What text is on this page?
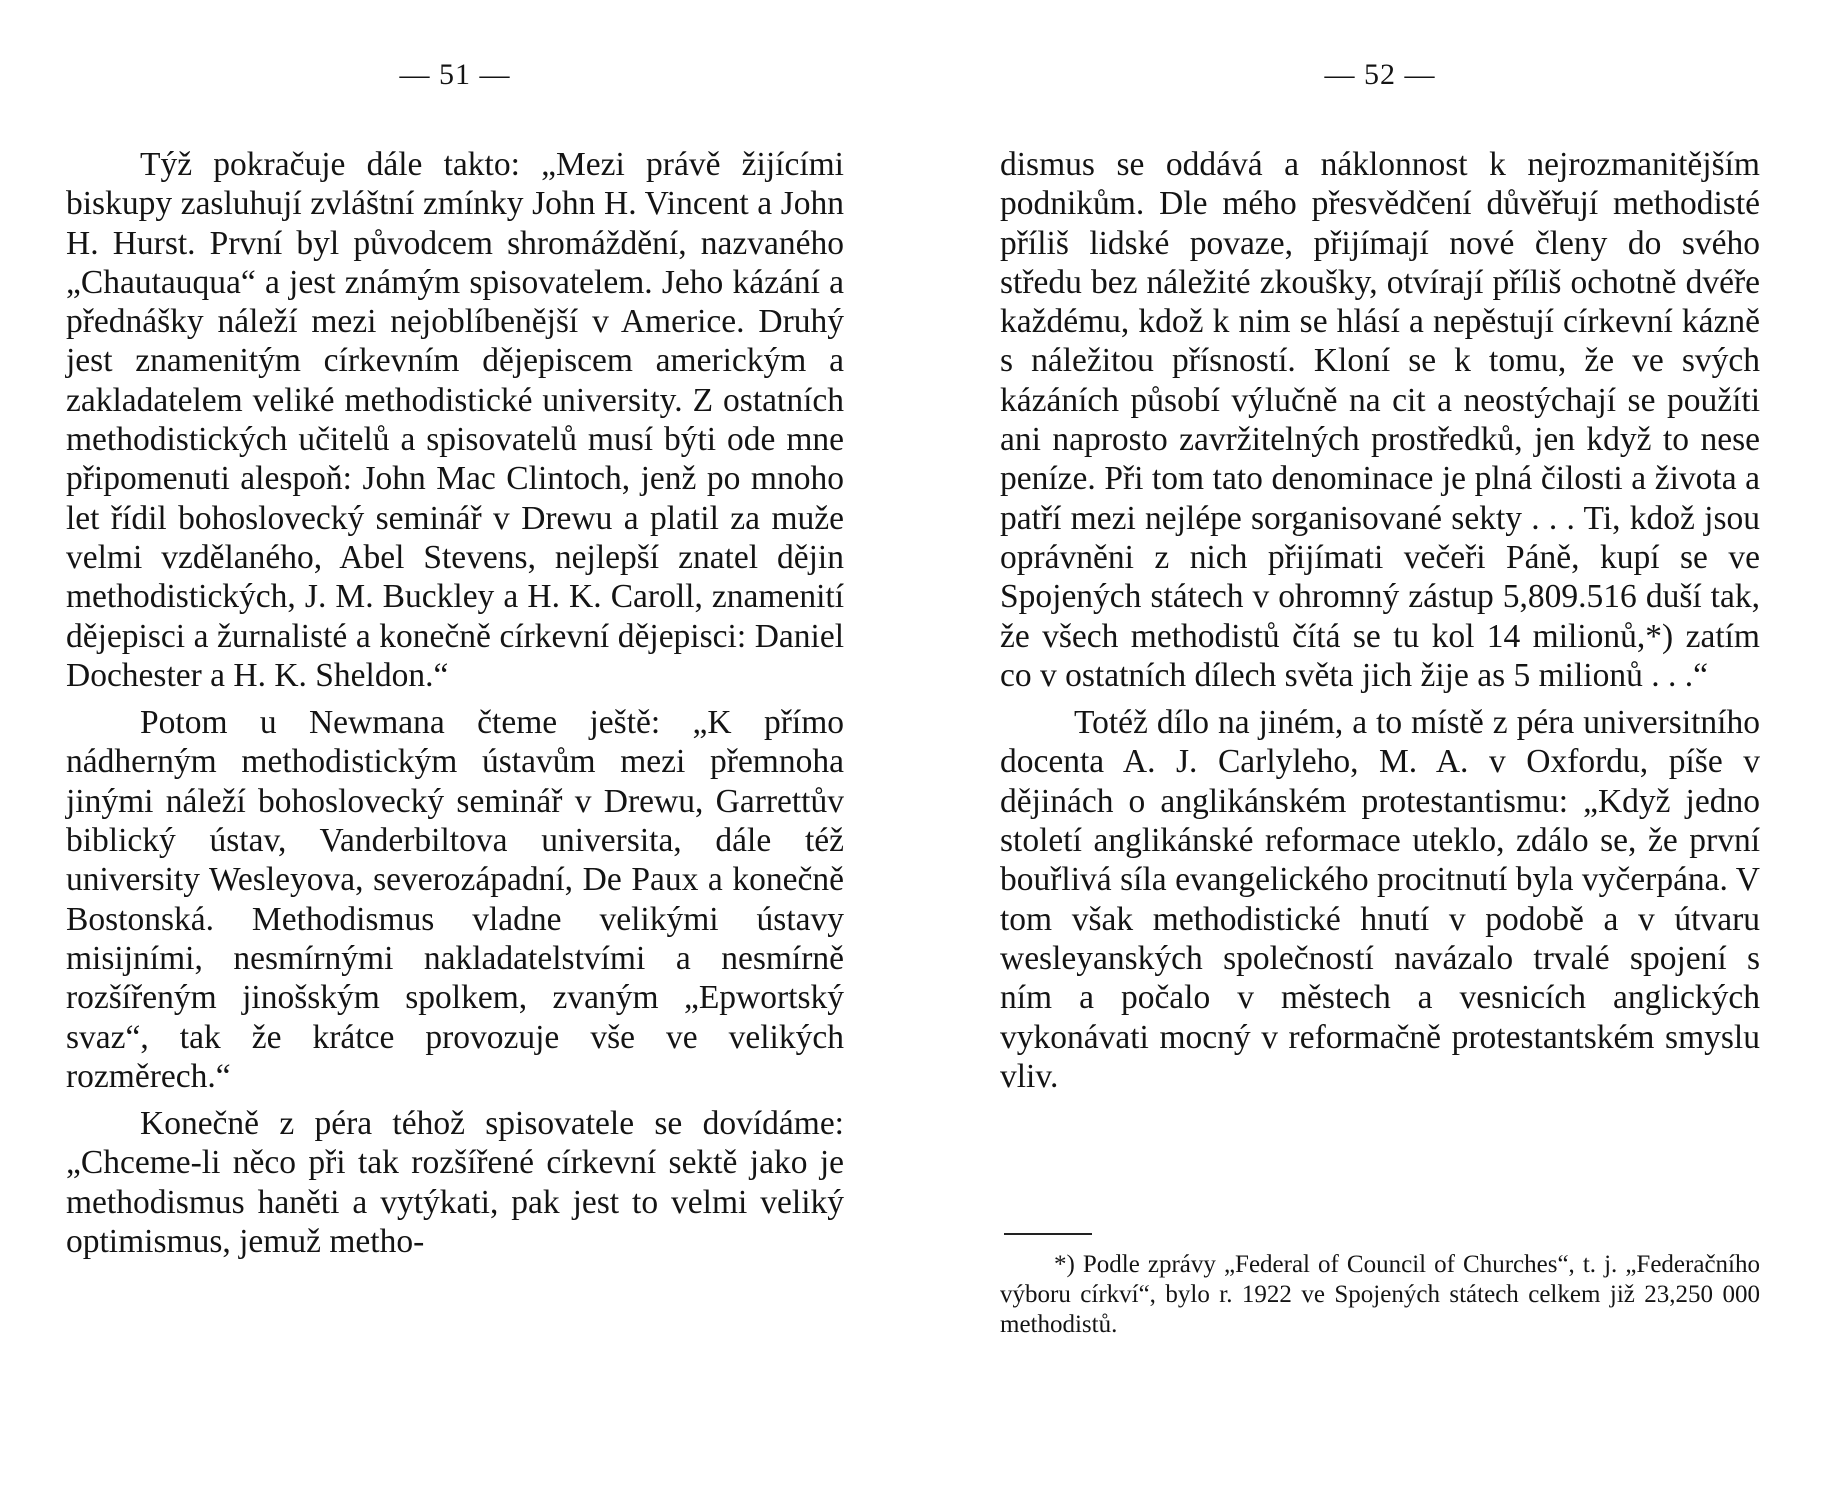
— 51 —

Týž pokračuje dále takto: „Mezi právě žijícími biskupy zasluhují zvláštní zmínky John H. Vincent a John H. Hurst. První byl původcem shromáždění, nazvaného „Chautauqua“ a jest známým spisovatelem. Jeho kázání a přednášky náleží mezi nejoblíbenější v Americe. Druhý jest znamenitým církevním dějepiscem americkým a zakladatelem veliké methodistické university. Z ostatních methodistických učitelů a spisovatelů musí býti ode mne připomenuti alespoň: John Mac Clintoch, jenž po mnoho let řídil bohoslovecký seminář v Drewu a platil za muže velmi vzdělaného, Abel Stevens, nejlepší znatel dějin methodistických, J. M. Buckley a H. K. Caroll, znamenití dějepisci a žurnalisté a konečně církevní dějepisci: Daniel Dochester a H. K. Sheldon.“

Potom u Newmana čteme ještě: „K přímo nádherným methodistickým ústavům mezi přemnoha jinými náleží bohoslovecký seminář v Drewu, Garrettův biblický ústav, Vanderbiltova universita, dále též university Wesleyova, severozápadní, De Paux a konečně Bostonská. Methodismus vladne velikými ústavy misijními, nesmírnými nakladatelstvími a nesmírně rozšířeným jinošským spolkem, zvaným „Epwortský svaz“, tak že krátce provozuje vše ve velikých rozměrech.“

Konečně z péra téhož spisovatele se dovídáme: „Chceme-li něco při tak rozšířené církevní sektě jako je methodismus haněti a vytýkati, pak jest to velmi veliký optimismus, jemuž metho-

— 52 —

dismus se oddává a náklonnost k nejrozmanitějším podnikům. Dle mého přesvědčení důvěřují methodisté příliš lidské povaze, přijímají nové členy do svého středu bez náležité zkoušky, otvírají příliš ochotně dvéře každému, kdož k nim se hlásí a nepěstují církevní kázně s náležitou přísností. Kloní se k tomu, že ve svých kázáních působí výlučně na cit a neostýchají se použíti ani naprosto zavržitelných prostředků, jen když to nese peníze. Při tom tato denominace je plná čilosti a života a patří mezi nejlépe sorganisované sekty . . . Ti, kdož jsou oprávněni z nich přijímati večeři Páně, kupí se ve Spojených státech v ohromný zástup 5,809.516 duší tak, že všech methodistů čítá se tu kol 14 milionů,*) zatím co v ostatních dílech světa jich žije as 5 milionů . . .“

Totéž dílo na jiném, a to místě z péra universitního docenta A. J. Carlyleho, M. A. v Oxfordu, píše v dějinách o anglikánském protestantismu: „Když jedno století anglikánské reformace uteklo, zdálo se, že první bouřlivá síla evangelického procitnutí byla vyčerpána. V tom však methodistické hnutí v podobě a v útvaru wesleyanských společností navázalo trvalé spojení s ním a počalo v městech a vesnicích anglických vykonávati mocný v reformačně protestantském smyslu vliv.

*) Podle zprávy „Federal of Council of Churches“, t. j. „Federačního výboru církví“, bylo r. 1922 ve Spojených státech celkem již 23,250 000 methodistů.
